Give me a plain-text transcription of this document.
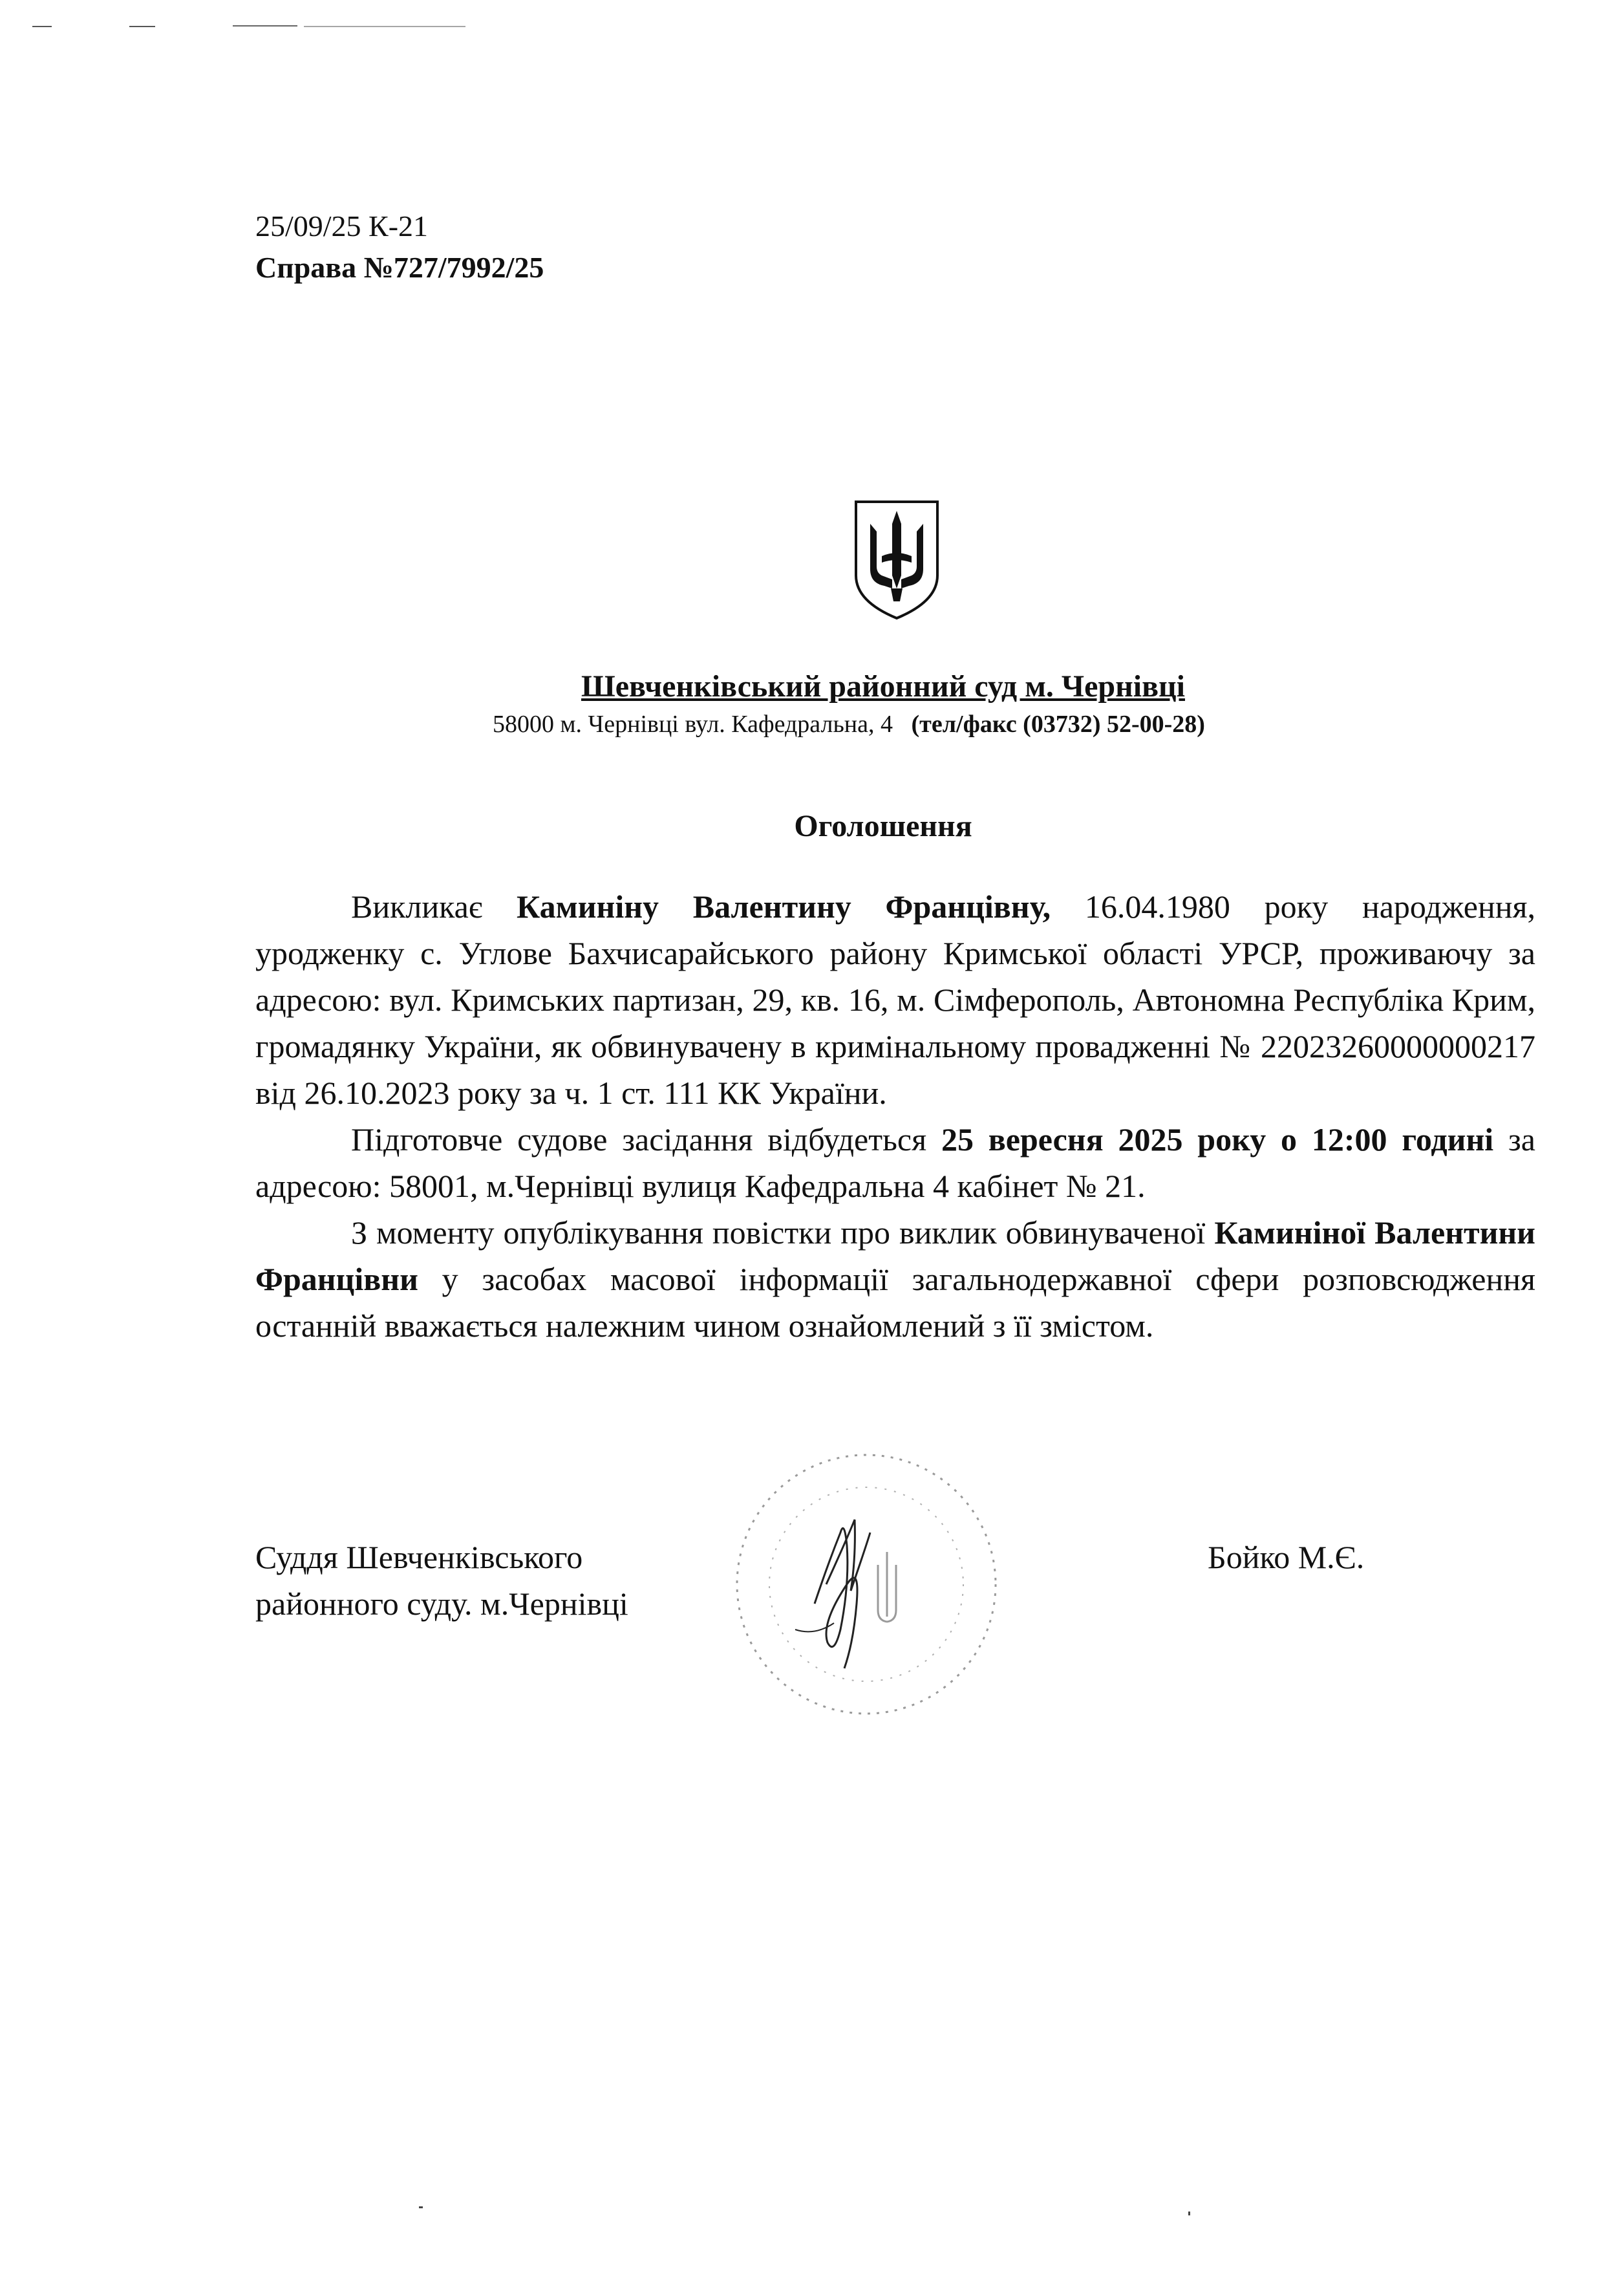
25/09/25 К-21
Справа №727/7992/25
Шевченківський районний суд м. Чернівці
58000 м. Чернівці вул. Кафедральна, 4 (тел/факс (03732) 52-00-28)
Оголошення

Викликає Каминіну Валентину Францівну, 16.04.1980 року народження, уродженку с. Углове Бахчисарайського району Кримської області УРСР, проживаючу за адресою: вул. Кримських партизан, 29, кв. 16, м. Сімферополь, Автономна Республіка Крим, громадянку України, як обвинувачену в кримінальному провадженні № 22023260000000217 від 26.10.2023 року за ч. 1 ст. 111 КК України.

Підготовче судове засідання відбудеться 25 вересня 2025 року о 12:00 годині за адресою: 58001, м.Чернівці вулиця Кафедральна 4 кабінет № 21.

З моменту опублікування повістки про виклик обвинуваченої Каминіної Валентини Францівни у засобах масової інформації загальнодержавної сфери розповсюдження останній вважається належним чином ознайомлений з її змістом.

Суддя Шевченківського
районного суду. м.Чернівці
Бойко М.Є.
